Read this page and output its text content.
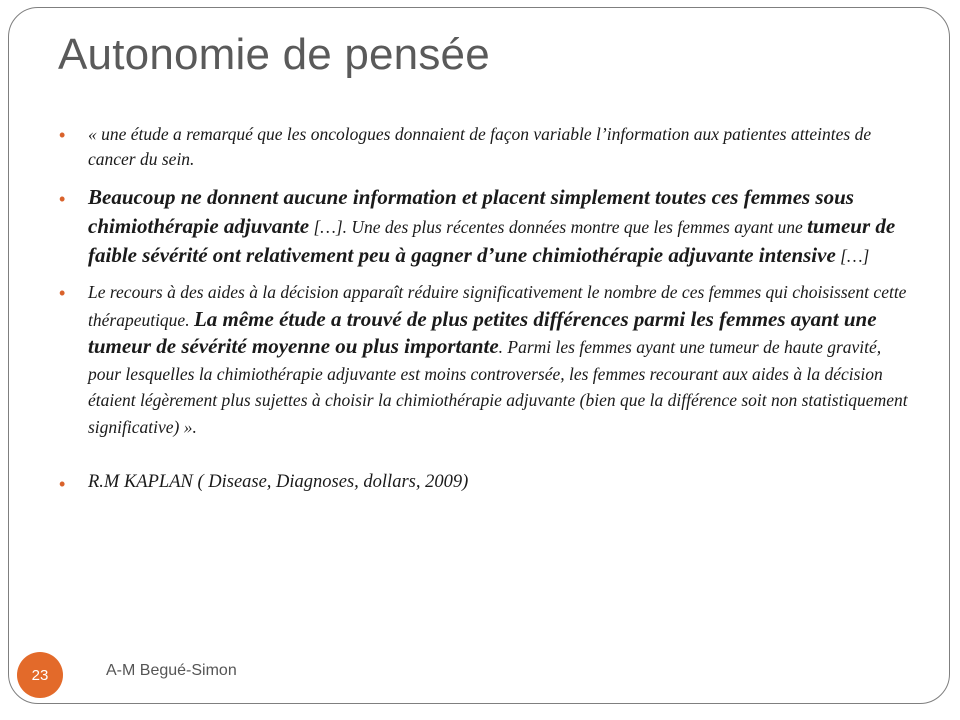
Autonomie de pensée

• « une étude a remarqué que les oncologues donnaient de façon variable l’information aux patientes atteintes de cancer du sein.

• Beaucoup ne donnent aucune information et placent simplement toutes ces femmes sous chimiothérapie adjuvante […]. Une des plus récentes données montre que les femmes ayant une tumeur de faible sévérité ont relativement peu à gagner d’une chimiothérapie adjuvante intensive […]

• Le recours à des aides à la décision apparaît réduire significativement le nombre de ces femmes qui choisissent cette thérapeutique. La même étude a trouvé de plus petites différences parmi les femmes ayant une tumeur de sévérité moyenne ou plus importante. Parmi les femmes ayant une tumeur de haute gravité, pour lesquelles la chimiothérapie adjuvante est moins controversée, les femmes recourant aux aides à la décision étaient légèrement plus sujettes à choisir la chimiothérapie adjuvante (bien que la différence soit non statistiquement significative) ».

• R.M KAPLAN ( Disease, Diagnoses, dollars, 2009)

23	A-M Begué-Simon
